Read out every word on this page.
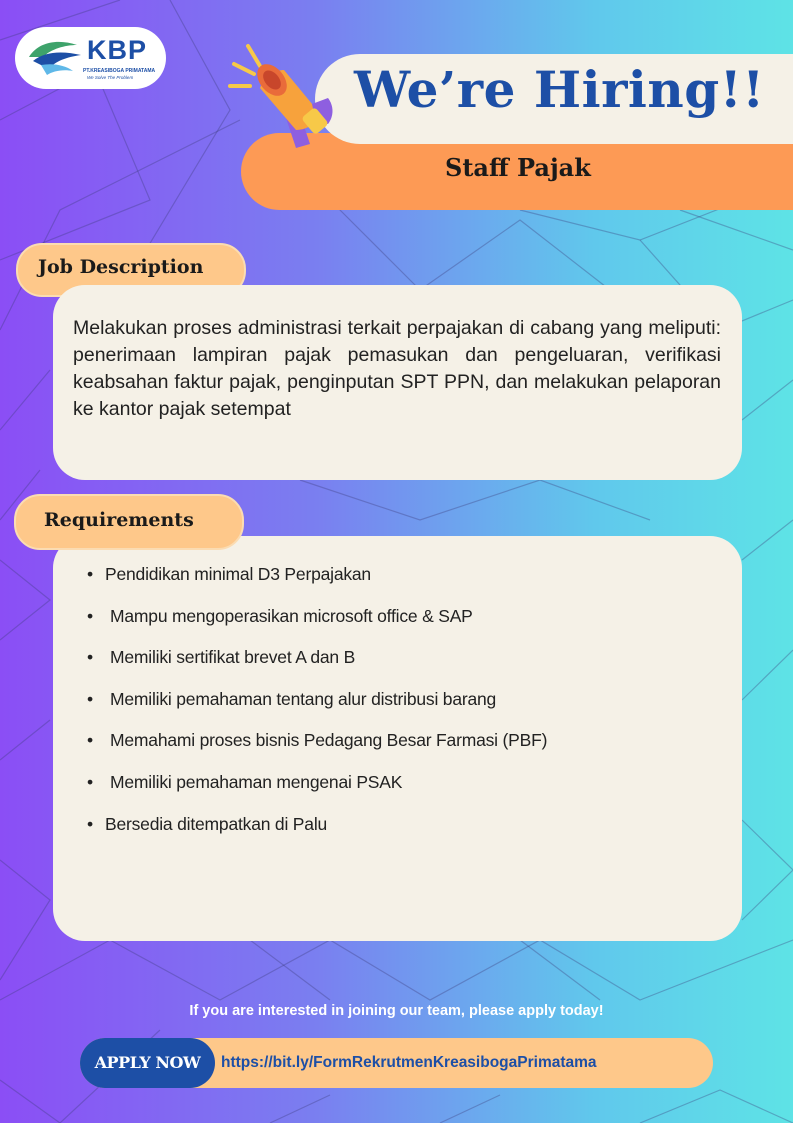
KBP
PT.KREASIBOGA PRIMATAMA
We Solve The Problem
Staff Pajak
We’re Hiring!!
Job Description
Melakukan proses administrasi terkait perpajakan di cabang yang meliputi: penerimaan lampiran pajak pemasukan dan pengeluaran, verifikasi keabsahan faktur pajak, penginputan SPT PPN, dan melakukan pelaporan ke kantor pajak setempat
• Pendidikan minimal D3 Perpajakan
• Mampu mengoperasikan microsoft office & SAP
• Memiliki sertifikat brevet A dan B
• Memiliki pemahaman tentang alur distribusi barang
• Memahami proses bisnis Pedagang Besar Farmasi (PBF)
• Memiliki pemahaman mengenai PSAK
• Bersedia ditempatkan di Palu
Requirements
If you are interested in joining our team, please apply today!
APPLY NOW	https://bit.ly/FormRekrutmenKreasibogaPrimatama
